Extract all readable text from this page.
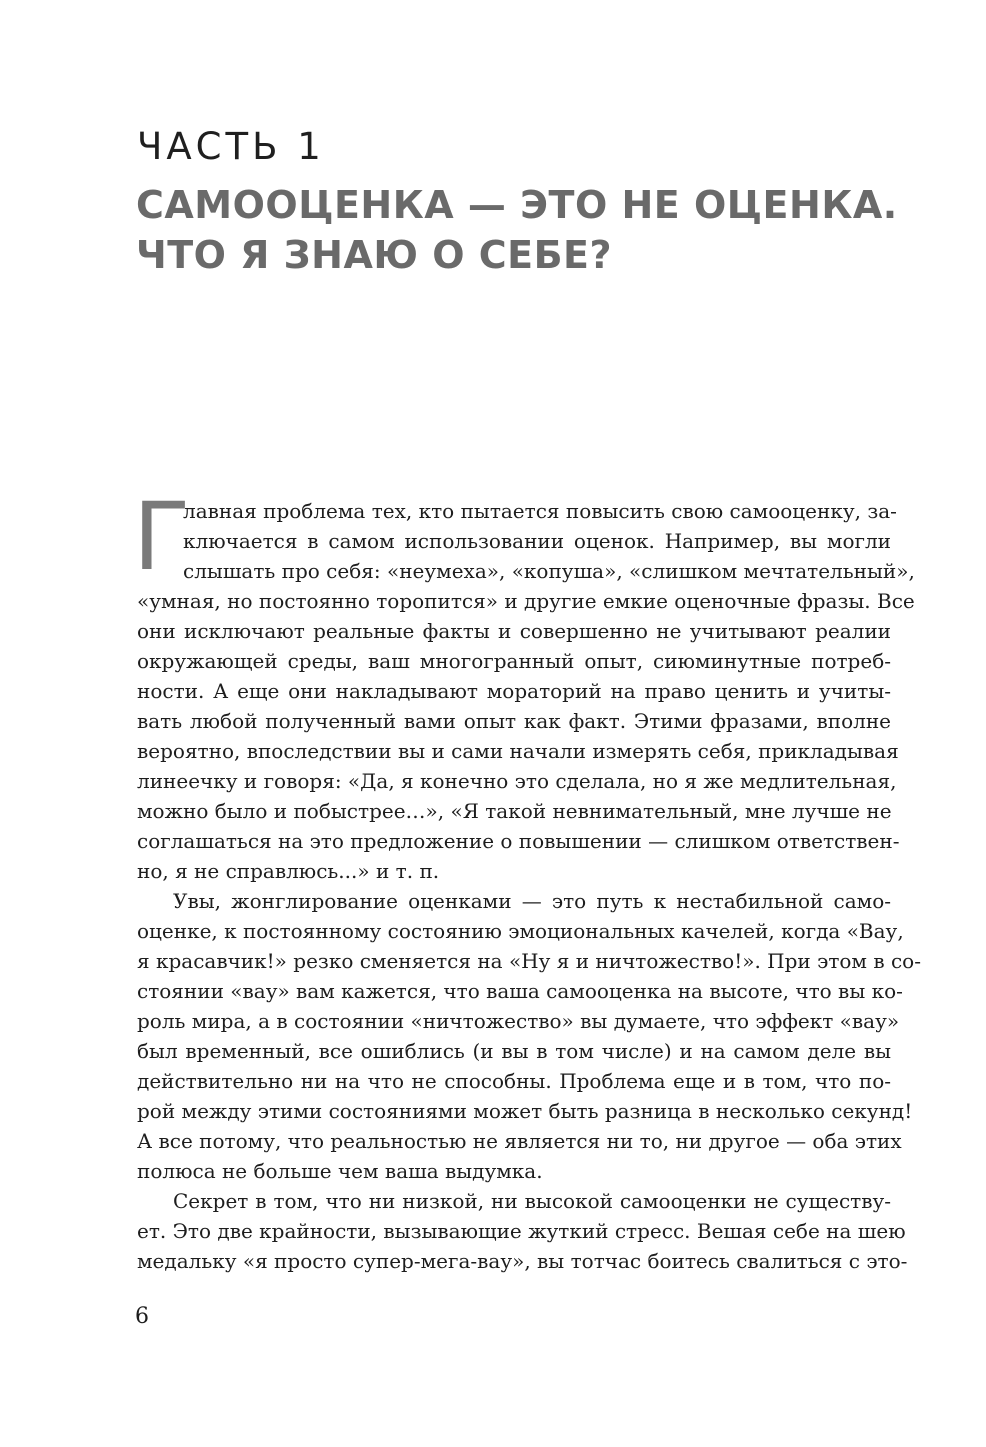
ЧАСТЬ 1
САМООЦЕНКА — ЭТО НЕ ОЦЕНКА.
ЧТО Я ЗНАЮ О СЕБЕ?
Г
лавная проблема тех, кто пытается повысить свою самооценку, за-
ключается в самом использовании оценок. Например, вы могли
слышать про себя: «неумеха», «копуша», «слишком мечтательный»,
«умная, но постоянно торопится» и другие емкие оценочные фразы. Все
они исключают реальные факты и совершенно не учитывают реалии
окружающей среды, ваш многогранный опыт, сиюминутные потреб-
ности. А еще они накладывают мораторий на право ценить и учиты-
вать любой полученный вами опыт как факт. Этими фразами, вполне
вероятно, впоследствии вы и сами начали измерять себя, прикладывая
линеечку и говоря: «Да, я конечно это сделала, но я же медлительная,
можно было и побыстрее…», «Я такой невнимательный, мне лучше не
соглашаться на это предложение о повышении — слишком ответствен-
но, я не справлюсь...» и т. п.
Увы, жонглирование оценками — это путь к нестабильной само-
оценке, к постоянному состоянию эмоциональных качелей, когда «Вау,
я красавчик!» резко сменяется на «Ну я и ничтожество!». При этом в со-
стоянии «вау» вам кажется, что ваша самооценка на высоте, что вы ко-
роль мира, а в состоянии «ничтожество» вы думаете, что эффект «вау»
был временный, все ошиблись (и вы в том числе) и на самом деле вы
действительно ни на что не способны. Проблема еще и в том, что по-
рой между этими состояниями может быть разница в несколько секунд!
А все потому, что реальностью не является ни то, ни другое — оба этих
полюса не больше чем ваша выдумка.
Секрет в том, что ни низкой, ни высокой самооценки не существу-
ет. Это две крайности, вызывающие жуткий стресс. Вешая себе на шею
медальку «я просто супер-мега-вау», вы тотчас боитесь свалиться с это-
6
